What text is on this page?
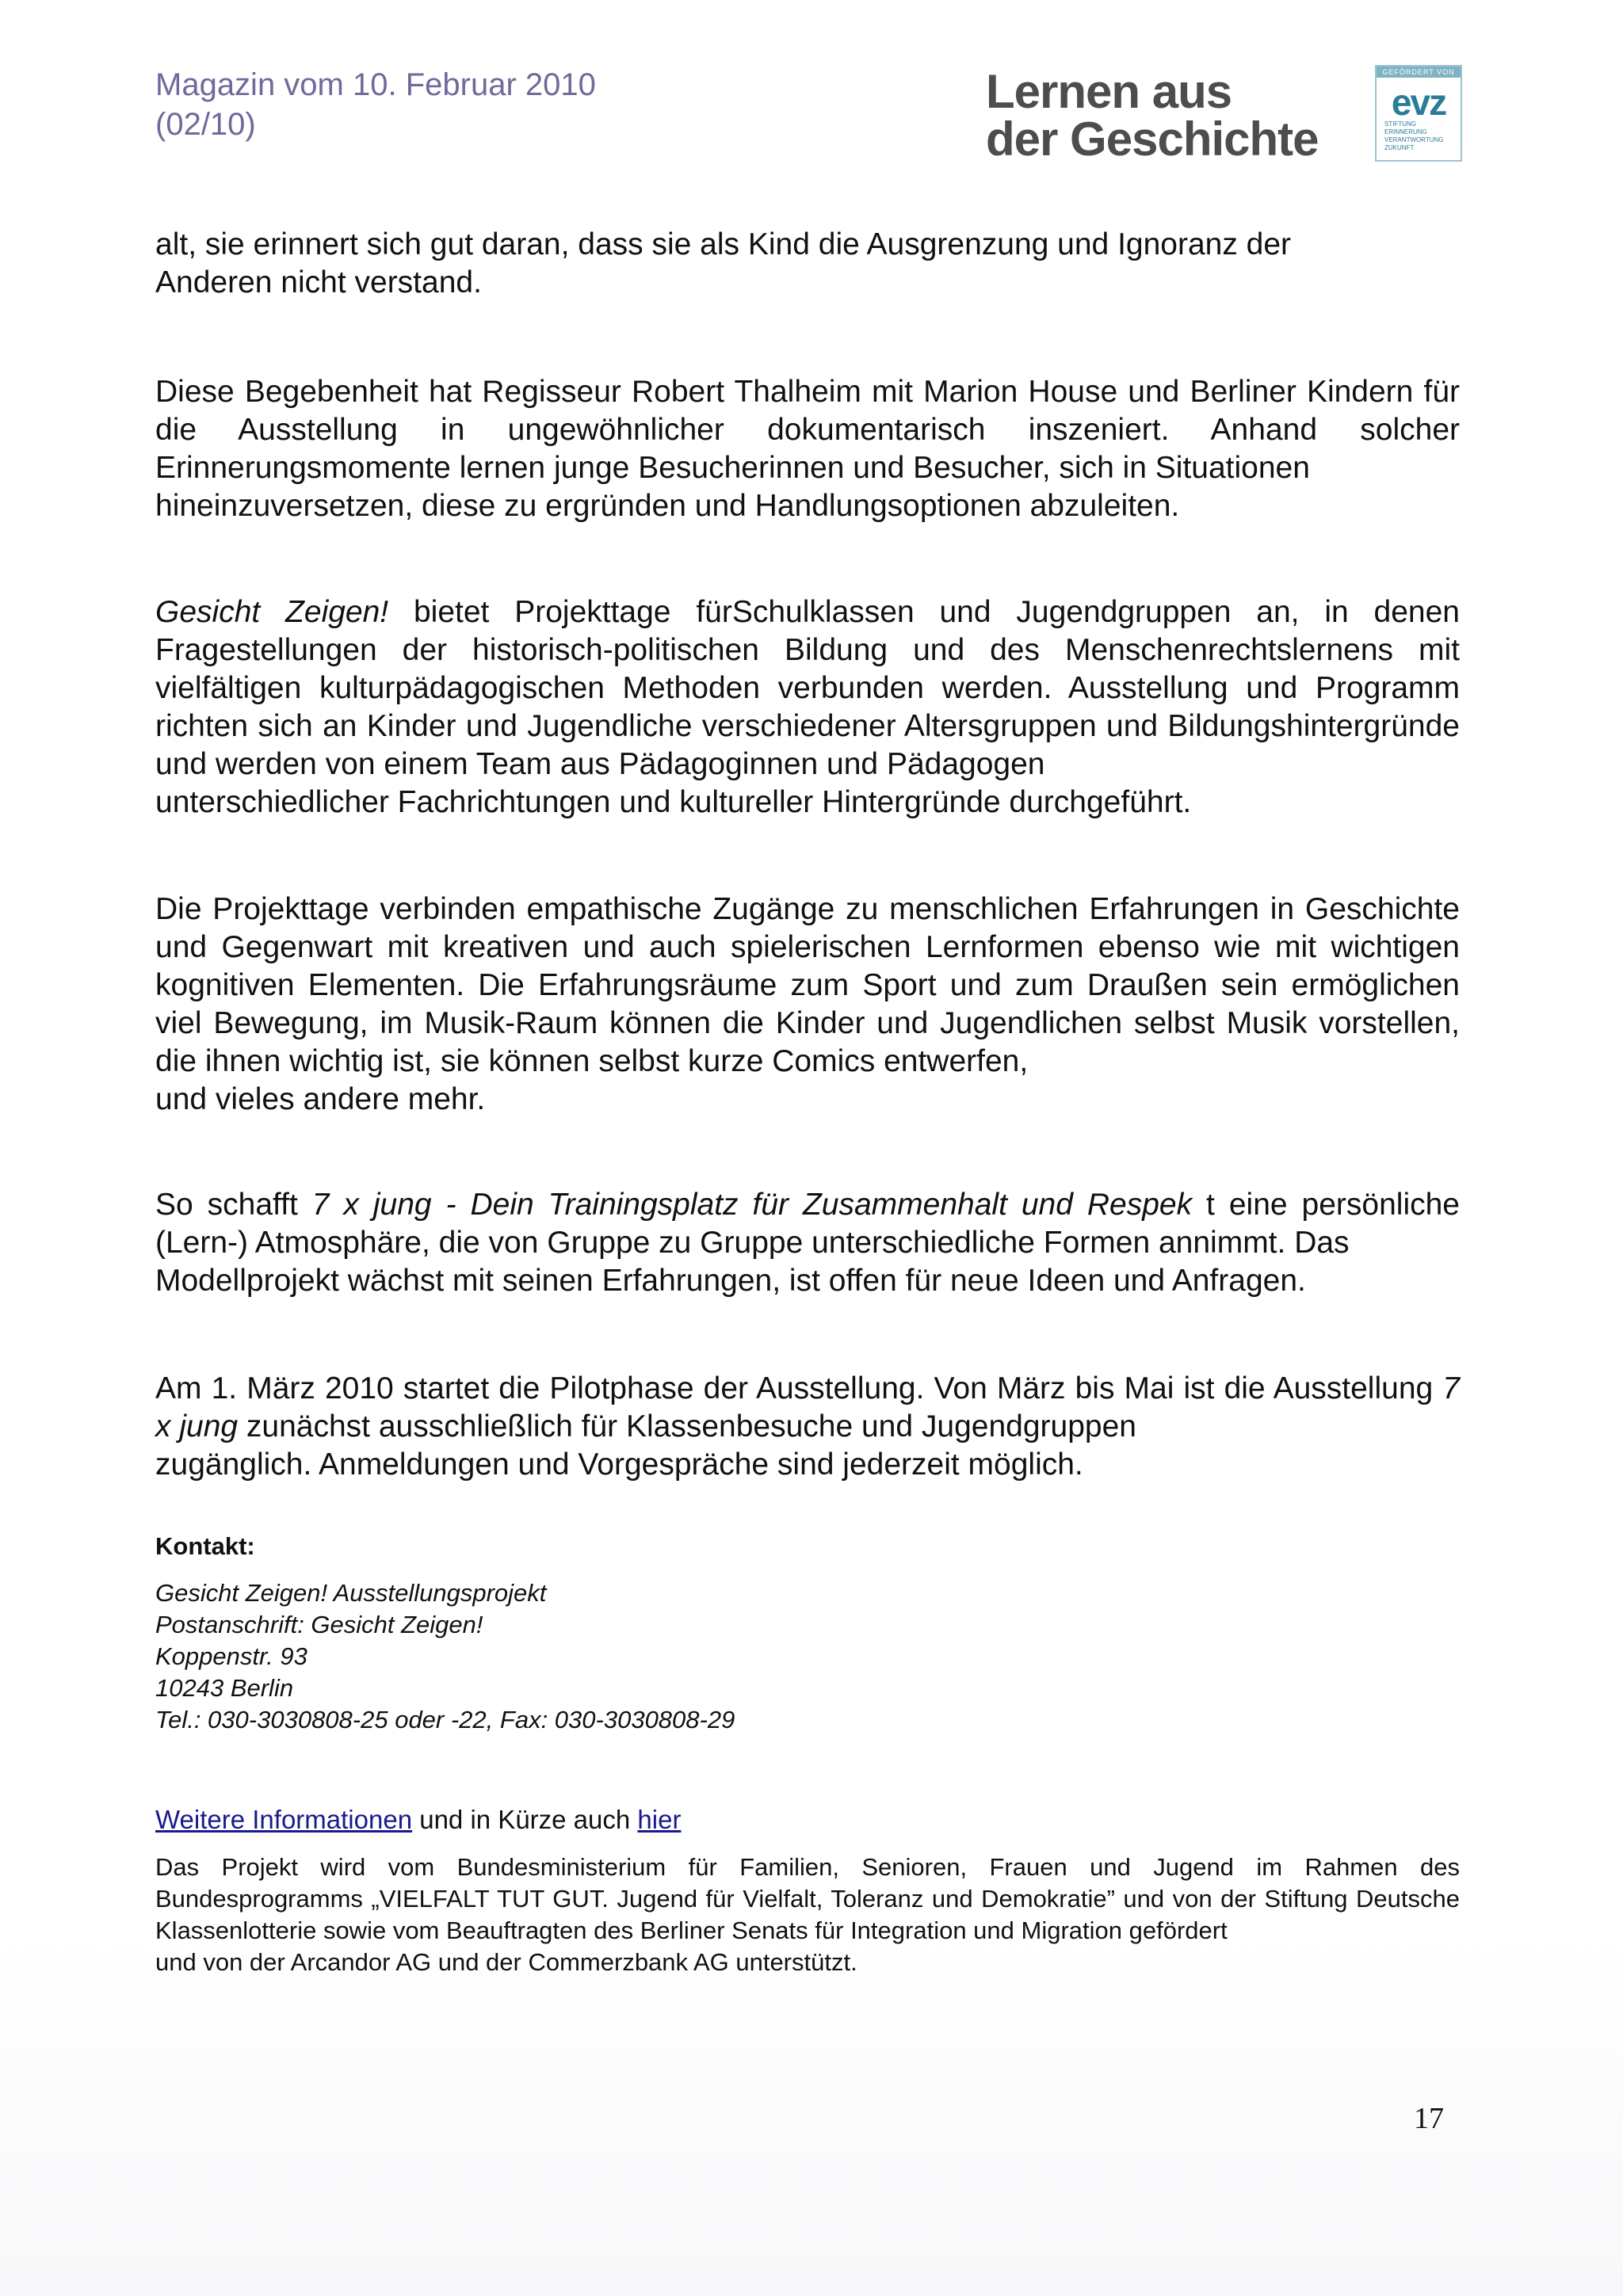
Magazin vom 10. Februar 2010
(02/10)
Lernen aus
der Geschichte
GEFÖRDERT VON
evz
STIFTUNG
ERINNERUNG
VERANTWORTUNG
ZUKUNFT

alt, sie erinnert sich gut daran, dass sie als Kind die Ausgrenzung und Ignoranz der

Anderen nicht verstand.

Diese Begebenheit hat Regisseur Robert Thalheim mit Marion House und Berliner Kindern für die Ausstellung in ungewöhnlicher dokumentarisch inszeniert. Anhand solcher Erinnerungsmomente lernen junge Besucherinnen und Besucher, sich in Situationen

hineinzuversetzen, diese zu ergründen und Handlungsoptionen abzuleiten.

Gesicht Zeigen! bietet Projekttage fürSchulklassen und Jugendgruppen an, in denen Fragestellungen der historisch-politischen Bildung und des Menschenrechtslernens mit vielfältigen kulturpädagogischen Methoden verbunden werden. Ausstellung und Programm richten sich an Kinder und Jugendliche verschiedener Altersgruppen und Bildungshintergründe und werden von einem Team aus Pädagoginnen und Pädagogen

unterschiedlicher Fachrichtungen und kultureller Hintergründe durchgeführt.

Die Projekttage verbinden empathische Zugänge zu menschlichen Erfahrungen in Geschichte und Gegenwart mit kreativen und auch spielerischen Lernformen ebenso wie mit wichtigen kognitiven Elementen. Die Erfahrungsräume zum Sport und zum Draußen sein ermöglichen viel Bewegung, im Musik-Raum können die Kinder und Jugendlichen selbst Musik vorstellen, die ihnen wichtig ist, sie können selbst kurze Comics entwerfen,

und vieles andere mehr.

So schafft 7 x jung - Dein Trainingsplatz für Zusammenhalt und Respek t eine persönliche (Lern-) Atmosphäre, die von Gruppe zu Gruppe unterschiedliche Formen annimmt. Das

Modellprojekt wächst mit seinen Erfahrungen, ist offen für neue Ideen und Anfragen.

Am 1. März 2010 startet die Pilotphase der Ausstellung. Von März bis Mai ist die Ausstellung 7 x jung zunächst ausschließlich für Klassenbesuche und Jugendgruppen

zugänglich. Anmeldungen und Vorgespräche sind jederzeit möglich.

Kontakt:
Gesicht Zeigen! Ausstellungsprojekt
Postanschrift: Gesicht Zeigen!
Koppenstr. 93
10243 Berlin
Tel.: 030-3030808-25 oder -22, Fax: 030-3030808-29
Weitere Informationen und in Kürze auch hier

Das Projekt wird vom Bundesministerium für Familien, Senioren, Frauen und Jugend im Rahmen des Bundesprogramms „VIELFALT TUT GUT. Jugend für Vielfalt, Toleranz und Demokratie” und von der Stiftung Deutsche Klassenlotterie sowie vom Beauftragten des Berliner Senats für Integration und Migration gefördert

und von der Arcandor AG und der Commerzbank AG unterstützt.

17
